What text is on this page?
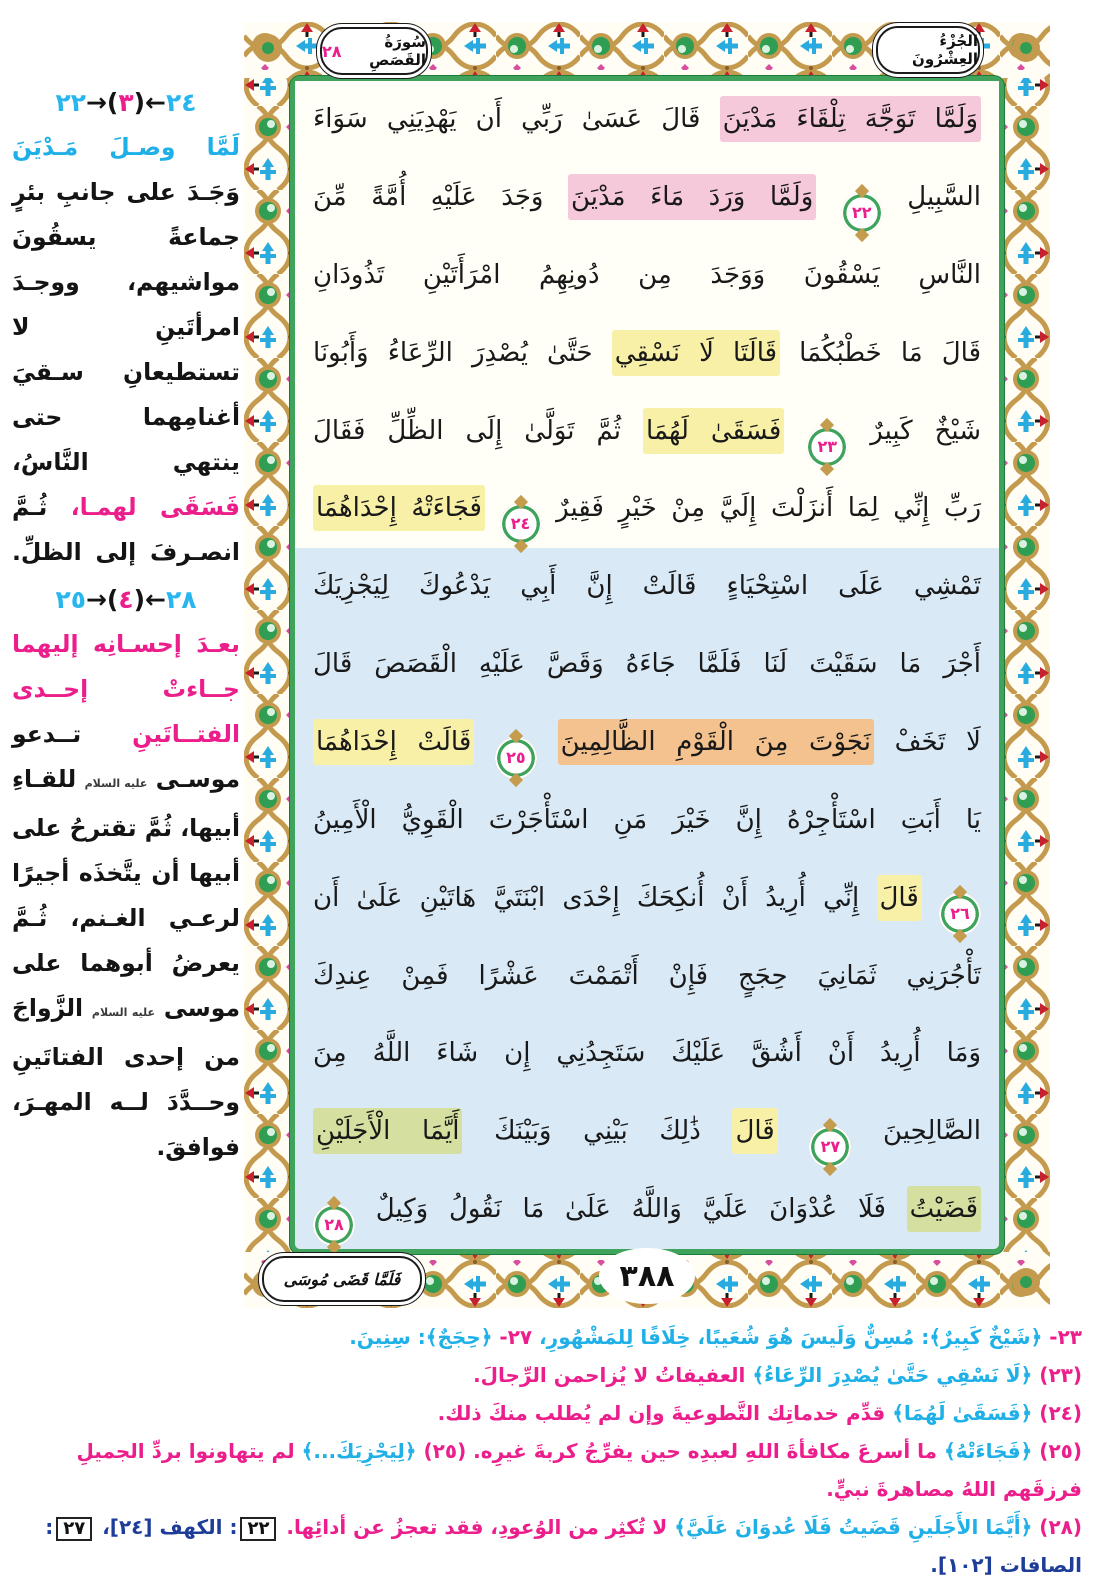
٢٤←(٣)→٢٢
لَمَّا وصـلَ مَـدْيَنَ وَجَـدَ على جانبِ بئرٍ جماعةً يسقُونَ مواشيهم، ووجـدَ امرأتَينِ لا تستطيعانِ سـقيَ أغنامِهما حتى ينتهي النَّاسُ، فَسَقَى لهمـا، ثُـمَّ انصـرفَ إلى الظلِّ.
٢٨←(٤)→٢٥
بعـدَ إحسـانِه إليهما جــاءتْ إحــدى الفتــاتَينِ تــدعو موسـى عليه السلام للقـاءِ أبيها، ثُمَّ تقترحُ على أبيها أن يتَّخذَه أجيرًا لرعـي الغـنم، ثُـمَّ يعرضُ أبوهما على موسى عليه السلام الزَّواجَ من إحدى الفتاتَينِ وحــدَّدَ لــه المهـرَ، فوافقَ.
وَلَمَّا تَوَجَّهَ تِلْقَاءَ مَدْيَنَ قَالَ عَسَىٰ رَبِّي أَن يَهْدِيَنِي سَوَاءَ
السَّبِيلِ ٢٢ وَلَمَّا وَرَدَ مَاءَ مَدْيَنَ وَجَدَ عَلَيْهِ أُمَّةً مِّنَ
النَّاسِ يَسْقُونَ وَوَجَدَ مِن دُونِهِمُ امْرَأَتَيْنِ تَذُودَانِ
قَالَ مَا خَطْبُكُمَا قَالَتَا لَا نَسْقِي حَتَّىٰ يُصْدِرَ الرِّعَاءُ وَأَبُونَا
شَيْخٌ كَبِيرٌ ٢٣ فَسَقَىٰ لَهُمَا ثُمَّ تَوَلَّىٰ إِلَى الظِّلِّ فَقَالَ
رَبِّ إِنِّي لِمَا أَنزَلْتَ إِلَيَّ مِنْ خَيْرٍ فَقِيرٌ ٢٤ فَجَاءَتْهُ إِحْدَاهُمَا
تَمْشِي عَلَى اسْتِحْيَاءٍ قَالَتْ إِنَّ أَبِي يَدْعُوكَ لِيَجْزِيَكَ
أَجْرَ مَا سَقَيْتَ لَنَا فَلَمَّا جَاءَهُ وَقَصَّ عَلَيْهِ الْقَصَصَ قَالَ
لَا تَخَفْ نَجَوْتَ مِنَ الْقَوْمِ الظَّالِمِينَ ٢٥ قَالَتْ إِحْدَاهُمَا
يَا أَبَتِ اسْتَأْجِرْهُ إِنَّ خَيْرَ مَنِ اسْتَأْجَرْتَ الْقَوِيُّ الْأَمِينُ
٢٦ قَالَ إِنِّي أُرِيدُ أَنْ أُنكِحَكَ إِحْدَى ابْنَتَيَّ هَاتَيْنِ عَلَىٰ أَن
تَأْجُرَنِي ثَمَانِيَ حِجَجٍ فَإِنْ أَتْمَمْتَ عَشْرًا فَمِنْ عِندِكَ
وَمَا أُرِيدُ أَنْ أَشُقَّ عَلَيْكَ سَتَجِدُنِي إِن شَاءَ اللَّهُ مِنَ
الصَّالِحِينَ ٢٧ قَالَ ذَٰلِكَ بَيْنِي وَبَيْنَكَ أَيَّمَا الْأَجَلَيْنِ
قَضَيْتُ فَلَا عُدْوَانَ عَلَيَّ وَاللَّهُ عَلَىٰ مَا نَقُولُ وَكِيلٌ ٢٨
سُورَةُ القَصَصِ
٢٨
الجُزْءُ العِشْرُونَ
فَلَمَّا قَضَى مُوسَى	٣٨٨
٢٣- ﴿شَيْخٌ كَبِيرٌ﴾: مُسِنٌّ وَلَيسَ هُوَ شُعَيبًا، خِلَافًا لِلمَشْهُورِ، ٢٧- ﴿حِجَجٌ﴾: سِنِينَ.
(٢٣) ﴿لَا نَسْقِي حَتَّىٰ يُصْدِرَ الرِّعَاءُ﴾ العفيفاتُ لا يُزاحمن الرِّجالَ.
(٢٤) ﴿فَسَقَىٰ لَهُمَا﴾ قدِّم خدماتِك التَّطوعيةَ وإن لم يُطلب منكَ ذلك.
(٢٥) ﴿فَجَاءَتْهُ﴾ ما أسرعَ مكافأةَ اللهِ لعبدِه حين يفرِّجُ كربةَ غيرِه. (٢٥) ﴿لِيَجْزِيَكَ...﴾ لم يتهاونوا بردِّ الجميلِ فرزقَهم اللهُ مصاهرةَ نبيٍّ.
(٢٨) ﴿أَيَّمَا الأَجَلَينِ قَضَيتُ فَلَا عُدوَانَ عَلَيَّ﴾ لا تُكثِر من الوُعودِ، فقد تعجزُ عن أدائِها. ٢٢: الكهف [٢٤]، ٢٧: الصافات [١٠٢].
